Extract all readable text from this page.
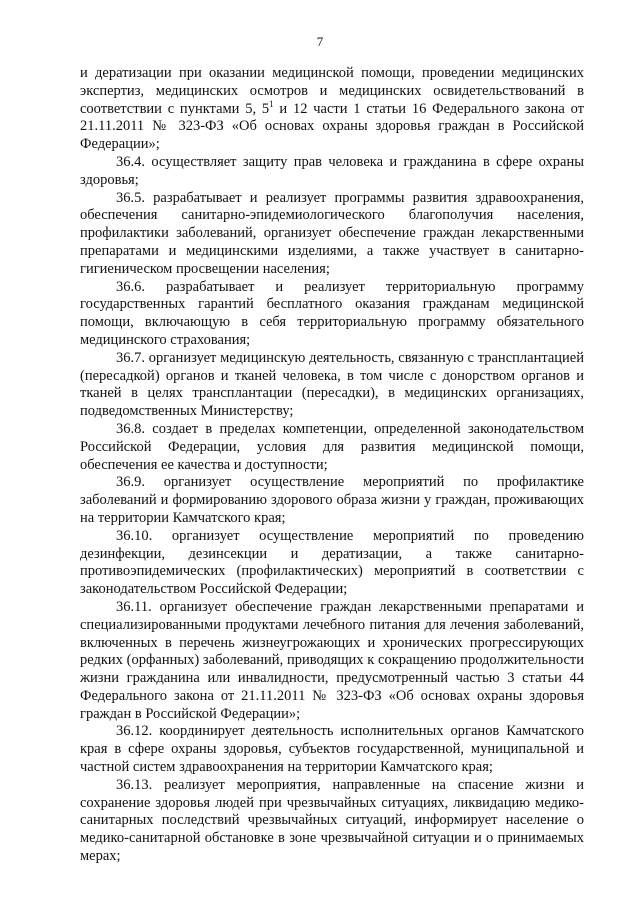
7

и дератизации при оказании медицинской помощи, проведении медицинских экспертиз, медицинских осмотров и медицинских освидетельствований в соответствии с пунктами 5, $5^1$ и 12 части 1 статьи 16 Федерального закона от 21.11.2011 № 323-ФЗ «Об основах охраны здоровья граждан в Российской Федерации»;

36.4. осуществляет защиту прав человека и гражданина в сфере охраны здоровья;

36.5. разрабатывает и реализует программы развития здравоохранения, обеспечения санитарно-эпидемиологического благополучия населения, профилактики заболеваний, организует обеспечение граждан лекарственными препаратами и медицинскими изделиями, а также участвует в санитарно-гигиеническом просвещении населения;

36.6. разрабатывает и реализует территориальную программу государственных гарантий бесплатного оказания гражданам медицинской помощи, включающую в себя территориальную программу обязательного медицинского страхования;

36.7. организует медицинскую деятельность, связанную с трансплантацией (пересадкой) органов и тканей человека, в том числе с донорством органов и тканей в целях трансплантации (пересадки), в медицинских организациях, подведомственных Министерству;

36.8. создает в пределах компетенции, определенной законодательством Российской Федерации, условия для развития медицинской помощи, обеспечения ее качества и доступности;

36.9. организует осуществление мероприятий по профилактике заболеваний и формированию здорового образа жизни у граждан, проживающих на территории Камчатского края;

36.10. организует осуществление мероприятий по проведению дезинфекции, дезинсекции и дератизации, а также санитарно-противоэпидемических (профилактических) мероприятий в соответствии с законодательством Российской Федерации;

36.11. организует обеспечение граждан лекарственными препаратами и специализированными продуктами лечебного питания для лечения заболеваний, включенных в перечень жизнеугрожающих и хронических прогрессирующих редких (орфанных) заболеваний, приводящих к сокращению продолжительности жизни гражданина или инвалидности, предусмотренный частью 3 статьи 44 Федерального закона от 21.11.2011 № 323-ФЗ «Об основах охраны здоровья граждан в Российской Федерации»;

36.12. координирует деятельность исполнительных органов Камчатского края в сфере охраны здоровья, субъектов государственной, муниципальной и частной систем здравоохранения на территории Камчатского края;

36.13. реализует мероприятия, направленные на спасение жизни и сохранение здоровья людей при чрезвычайных ситуациях, ликвидацию медико-санитарных последствий чрезвычайных ситуаций, информирует население о медико-санитарной обстановке в зоне чрезвычайной ситуации и о принимаемых мерах;
